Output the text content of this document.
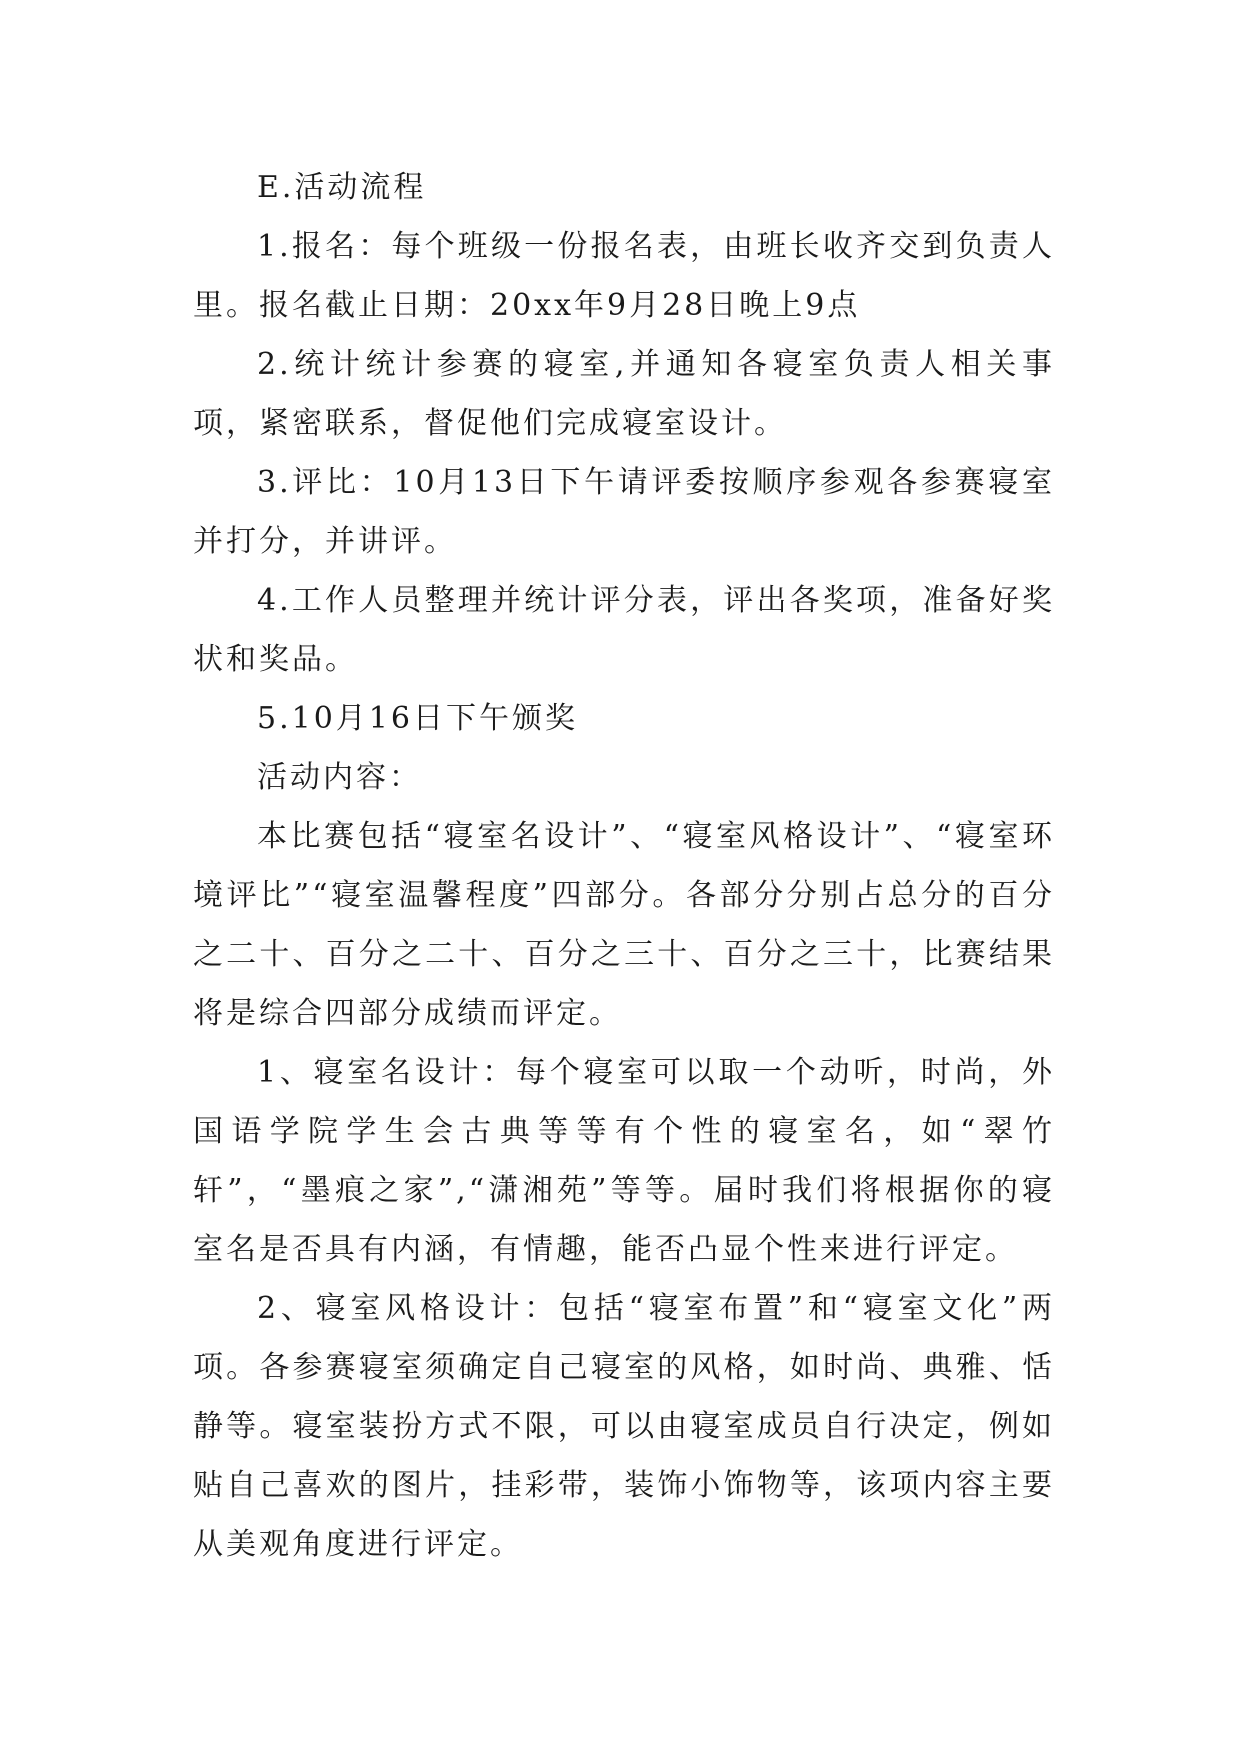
E.活动流程

1.报名：每个班级一份报名表，由班长收齐交到负责人里。报名截止日期：20xx年9月28日晚上9点

2.统计统计参赛的寝室,并通知各寝室负责人相关事项，紧密联系，督促他们完成寝室设计。

3.评比：10月13日下午请评委按顺序参观各参赛寝室并打分，并讲评。

4.工作人员整理并统计评分表，评出各奖项，准备好奖状和奖品。

5.10月16日下午颁奖

活动内容：

本比赛包括“寝室名设计”、“寝室风格设计”、“寝室环境评比”“寝室温馨程度”四部分。各部分分别占总分的百分之二十、百分之二十、百分之三十、百分之三十，比赛结果将是综合四部分成绩而评定。

1、寝室名设计：每个寝室可以取一个动听，时尚，外国语学院学生会古典等等有个性的寝室名，如“翠竹轩”，“墨痕之家”,“潇湘苑”等等。届时我们将根据你的寝室名是否具有内涵，有情趣，能否凸显个性来进行评定。

2、寝室风格设计：包括“寝室布置”和“寝室文化”两项。各参赛寝室须确定自己寝室的风格，如时尚、典雅、恬静等。寝室装扮方式不限，可以由寝室成员自行决定，例如贴自己喜欢的图片，挂彩带，装饰小饰物等，该项内容主要从美观角度进行评定。
